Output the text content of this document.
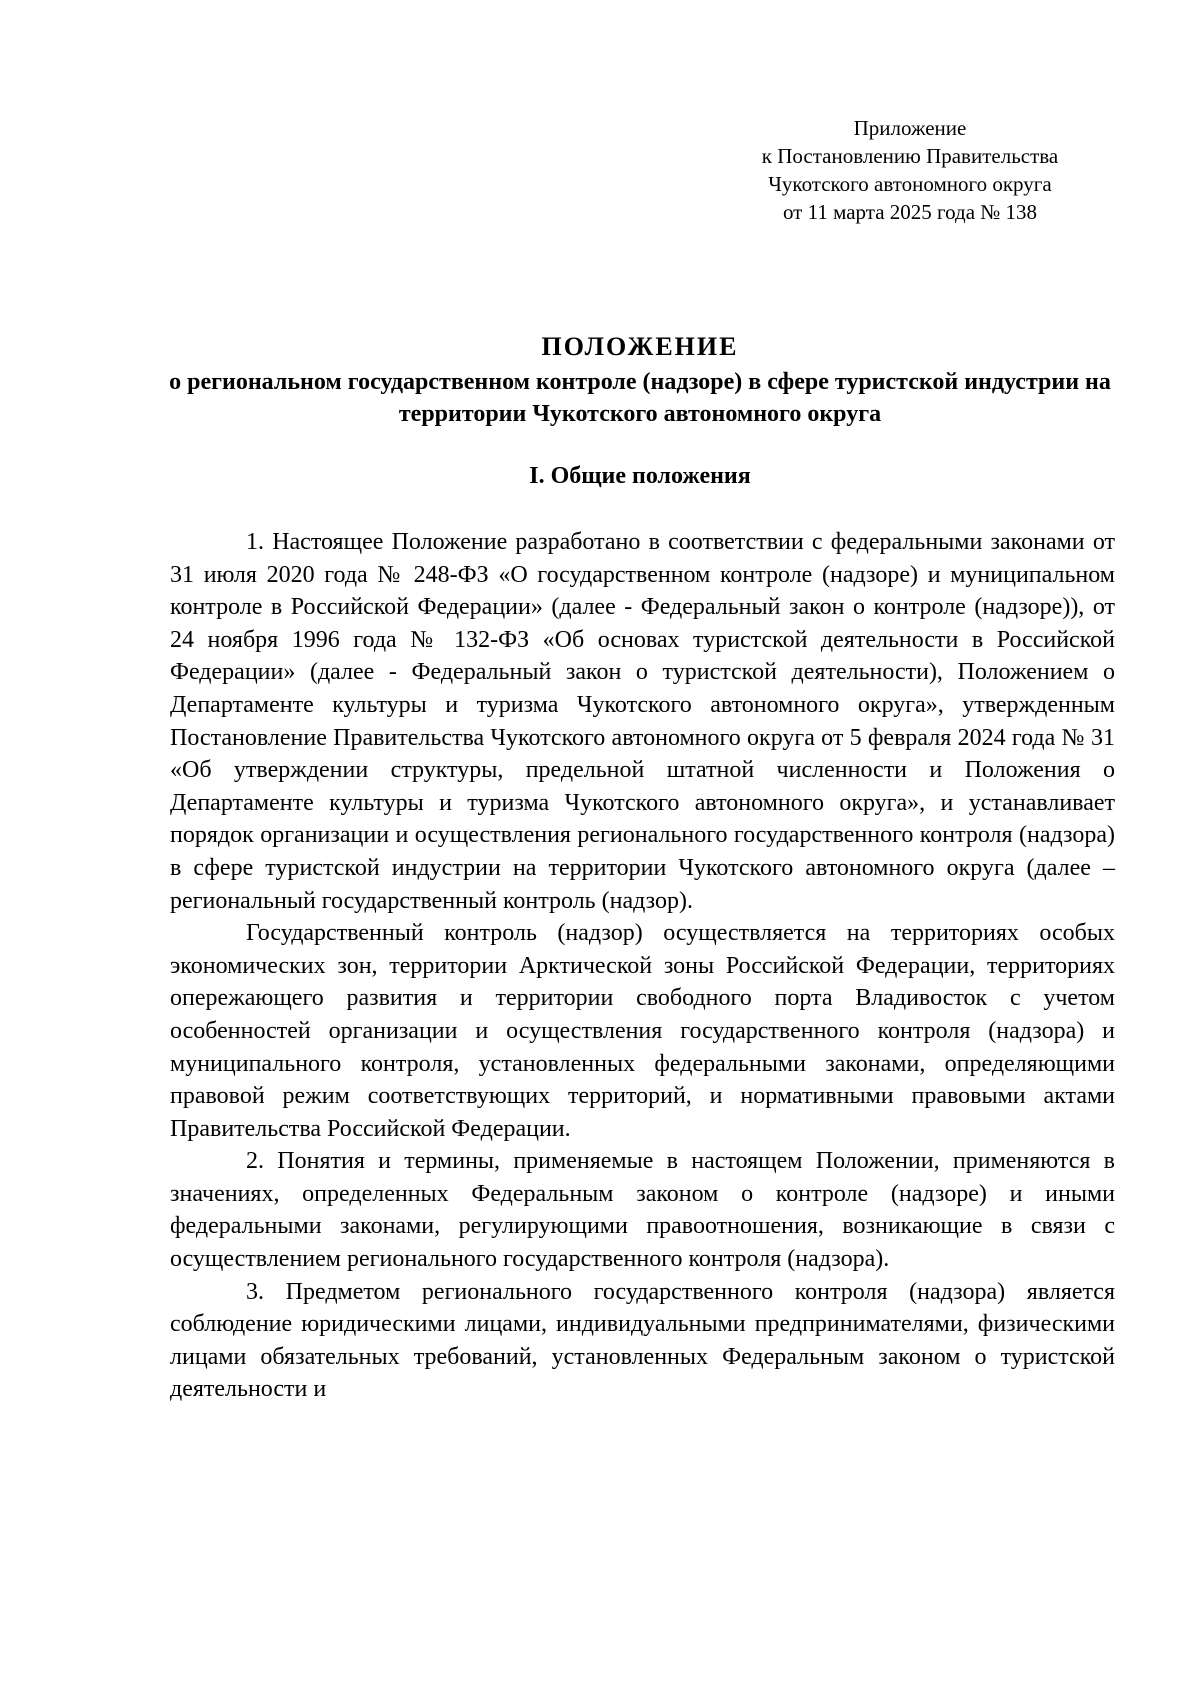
Приложение
к Постановлению Правительства
Чукотского автономного округа
от 11 марта 2025 года № 138
ПОЛОЖЕНИЕ

о региональном государственном контроле (надзоре) в сфере туристской индустрии на территории Чукотского автономного округа

I. Общие положения

1. Настоящее Положение разработано в соответствии с федеральными законами от 31 июля 2020 года № 248-ФЗ «О государственном контроле (надзоре) и муниципальном контроле в Российской Федерации» (далее - Федеральный закон о контроле (надзоре)), от 24 ноября 1996 года № 132-ФЗ «Об основах туристской деятельности в Российской Федерации» (далее - Федеральный закон о туристской деятельности), Положением о Департаменте культуры и туризма Чукотского автономного округа», утвержденным Постановление Правительства Чукотского автономного округа от 5 февраля 2024 года № 31 «Об утверждении структуры, предельной штатной численности и Положения о Департаменте культуры и туризма Чукотского автономного округа», и устанавливает порядок организации и осуществления регионального государственного контроля (надзора) в сфере туристской индустрии на территории Чукотского автономного округа (далее – региональный государственный контроль (надзор).

Государственный контроль (надзор) осуществляется на территориях особых экономических зон, территории Арктической зоны Российской Федерации, территориях опережающего развития и территории свободного порта Владивосток с учетом особенностей организации и осуществления государственного контроля (надзора) и муниципального контроля, установленных федеральными законами, определяющими правовой режим соответствующих территорий, и нормативными правовыми актами Правительства Российской Федерации.

2. Понятия и термины, применяемые в настоящем Положении, применяются в значениях, определенных Федеральным законом о контроле (надзоре) и иными федеральными законами, регулирующими правоотношения, возникающие в связи с осуществлением регионального государственного контроля (надзора).

3. Предметом регионального государственного контроля (надзора) является соблюдение юридическими лицами, индивидуальными предпринимателями, физическими лицами обязательных требований, установленных Федеральным законом о туристской деятельности и
